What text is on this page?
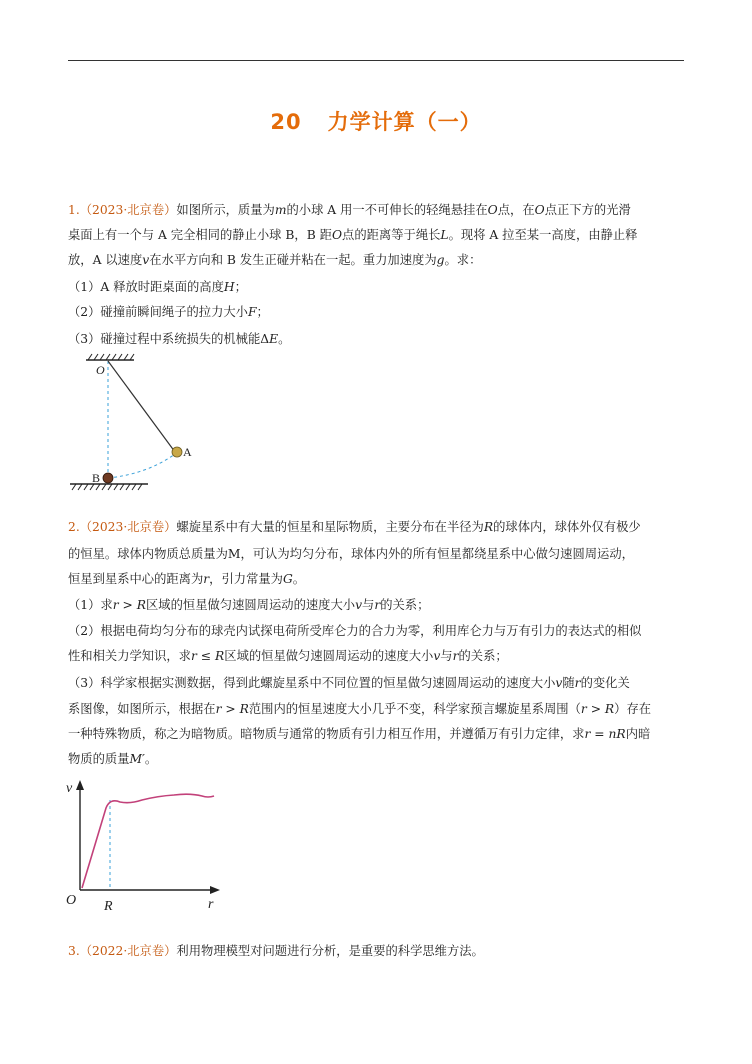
20 力学计算（一）
1.（2023·北京卷）如图所示，质量为m的小球 A 用一不可伸长的轻绳悬挂在O点，在O点正下方的光滑
桌面上有一个与 A 完全相同的静止小球 B，B 距O点的距离等于绳长L。现将 A 拉至某一高度，由静止释
放，A 以速度v在水平方向和 B 发生正碰并粘在一起。重力加速度为g。求：
（1）A 释放时距桌面的高度H；
（2）碰撞前瞬间绳子的拉力大小F；
（3）碰撞过程中系统损失的机械能ΔE。
O
A
B
2.（2023·北京卷）螺旋星系中有大量的恒星和星际物质，主要分布在半径为R的球体内，球体外仅有极少
的恒星。球体内物质总质量为M，可认为均匀分布，球体内外的所有恒星都绕星系中心做匀速圆周运动，
恒星到星系中心的距离为r，引力常量为G。
（1）求r > R区域的恒星做匀速圆周运动的速度大小v与r的关系；
（2）根据电荷均匀分布的球壳内试探电荷所受库仑力的合力为零，利用库仑力与万有引力的表达式的相似
性和相关力学知识，求r ≤ R区域的恒星做匀速圆周运动的速度大小v与r的关系；
（3）科学家根据实测数据，得到此螺旋星系中不同位置的恒星做匀速圆周运动的速度大小v随r的变化关
系图像，如图所示，根据在r > R范围内的恒星速度大小几乎不变，科学家预言螺旋星系周围（r > R）存在
一种特殊物质，称之为暗物质。暗物质与通常的物质有引力相互作用，并遵循万有引力定律，求r = nR内暗
物质的质量M′。
v
O R	r
3.（2022·北京卷）利用物理模型对问题进行分析，是重要的科学思维方法。
